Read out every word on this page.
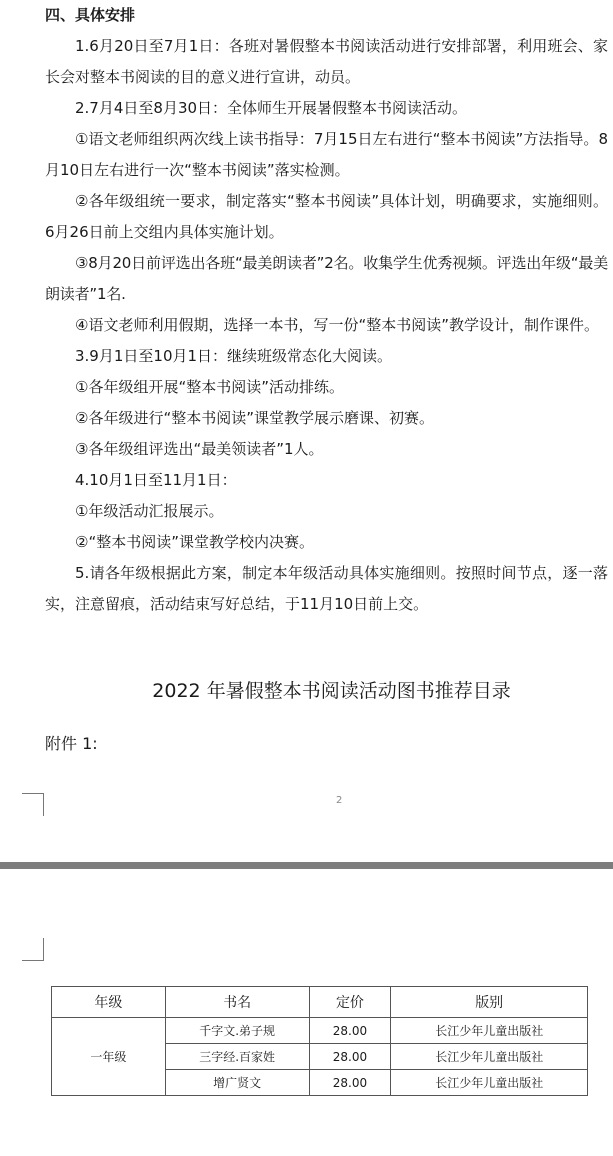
四、具体安排

1.6月20日至7月1日：各班对暑假整本书阅读活动进行安排部署，利用班会、家长会对整本书阅读的目的意义进行宣讲，动员。

2.7月4日至8月30日：全体师生开展暑假整本书阅读活动。

①语文老师组织两次线上读书指导：7月15日左右进行“整本书阅读”方法指导。8月10日左右进行一次“整本书阅读”落实检测。

②各年级组统一要求，制定落实“整本书阅读”具体计划，明确要求，实施细则。6月26日前上交组内具体实施计划。

③8月20日前评选出各班“最美朗读者”2名。收集学生优秀视频。评选出年级“最美朗读者”1名.

④语文老师利用假期，选择一本书，写一份“整本书阅读”教学设计，制作课件。

3.9月1日至10月1日：继续班级常态化大阅读。

①各年级组开展“整本书阅读”活动排练。

②各年级进行“整本书阅读”课堂教学展示磨课、初赛。

③各年级组评选出“最美领读者”1人。

4.10月1日至11月1日：

①年级活动汇报展示。

②“整本书阅读”课堂教学校内决赛。

5.请各年级根据此方案，制定本年级活动具体实施细则。按照时间节点，逐一落实，注意留痕，活动结束写好总结，于11月10日前上交。

2022 年暑假整本书阅读活动图书推荐目录

附件 1:

2
年级	书名	定价	版别
一年级	千字文.弟子规	28.00	长江少年儿童出版社
	三字经.百家姓	28.00	长江少年儿童出版社
	增广贤文	28.00	长江少年儿童出版社
